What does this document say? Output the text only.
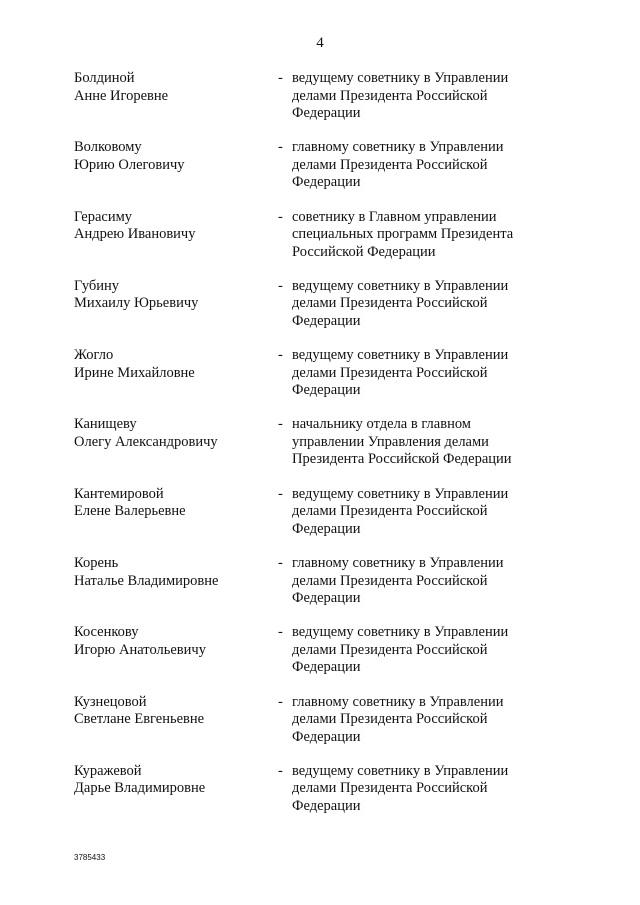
4
Болдиной
Анне Игоревне
- ведущему советнику в Управлении
делами Президента Российской
Федерации
Волковому
Юрию Олеговичу
- главному советнику в Управлении
делами Президента Российской
Федерации
Герасиму
Андрею Ивановичу
- советнику в Главном управлении
специальных программ Президента
Российской Федерации
Губину
Михаилу Юрьевичу
- ведущему советнику в Управлении
делами Президента Российской
Федерации
Жогло
Ирине Михайловне
- ведущему советнику в Управлении
делами Президента Российской
Федерации
Канищеву
Олегу Александровичу
- начальнику отдела в главном
управлении Управления делами
Президента Российской Федерации
Кантемировой
Елене Валерьевне
- ведущему советнику в Управлении
делами Президента Российской
Федерации
Корень
Наталье Владимировне
- главному советнику в Управлении
делами Президента Российской
Федерации
Косенкову
Игорю Анатольевичу
- ведущему советнику в Управлении
делами Президента Российской
Федерации
Кузнецовой
Светлане Евгеньевне
- главному советнику в Управлении
делами Президента Российской
Федерации
Куражевой
Дарье Владимировне
- ведущему советнику в Управлении
делами Президента Российской
Федерации
3785433
